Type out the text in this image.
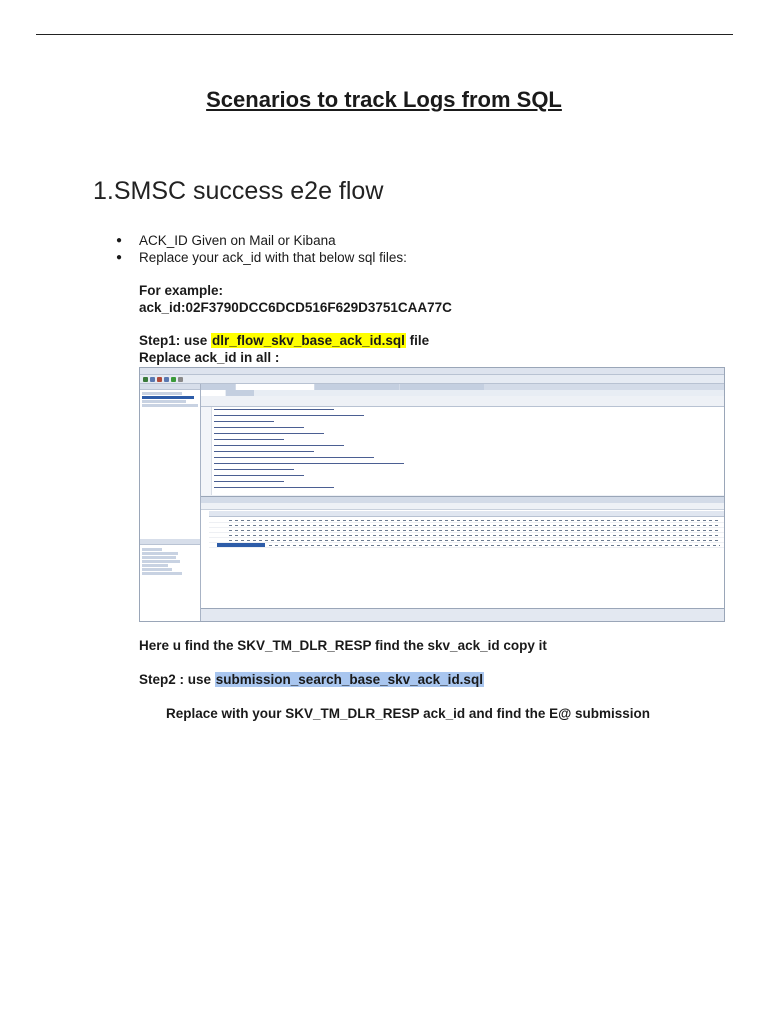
Scenarios to track Logs from SQL
1.SMSC success e2e flow
● ACK_ID Given on Mail or Kibana
● Replace your ack_id with that below sql files:
For example:
ack_id:02F3790DCC6DCD516F629D3751CAA77C
Step1: use dlr_flow_skv_base_ack_id.sql file
Replace ack_id in all :
Here u find the SKV_TM_DLR_RESP find the skv_ack_id copy it
Step2 : use submission_search_base_skv_ack_id.sql
Replace with your SKV_TM_DLR_RESP ack_id and find the E@ submission
